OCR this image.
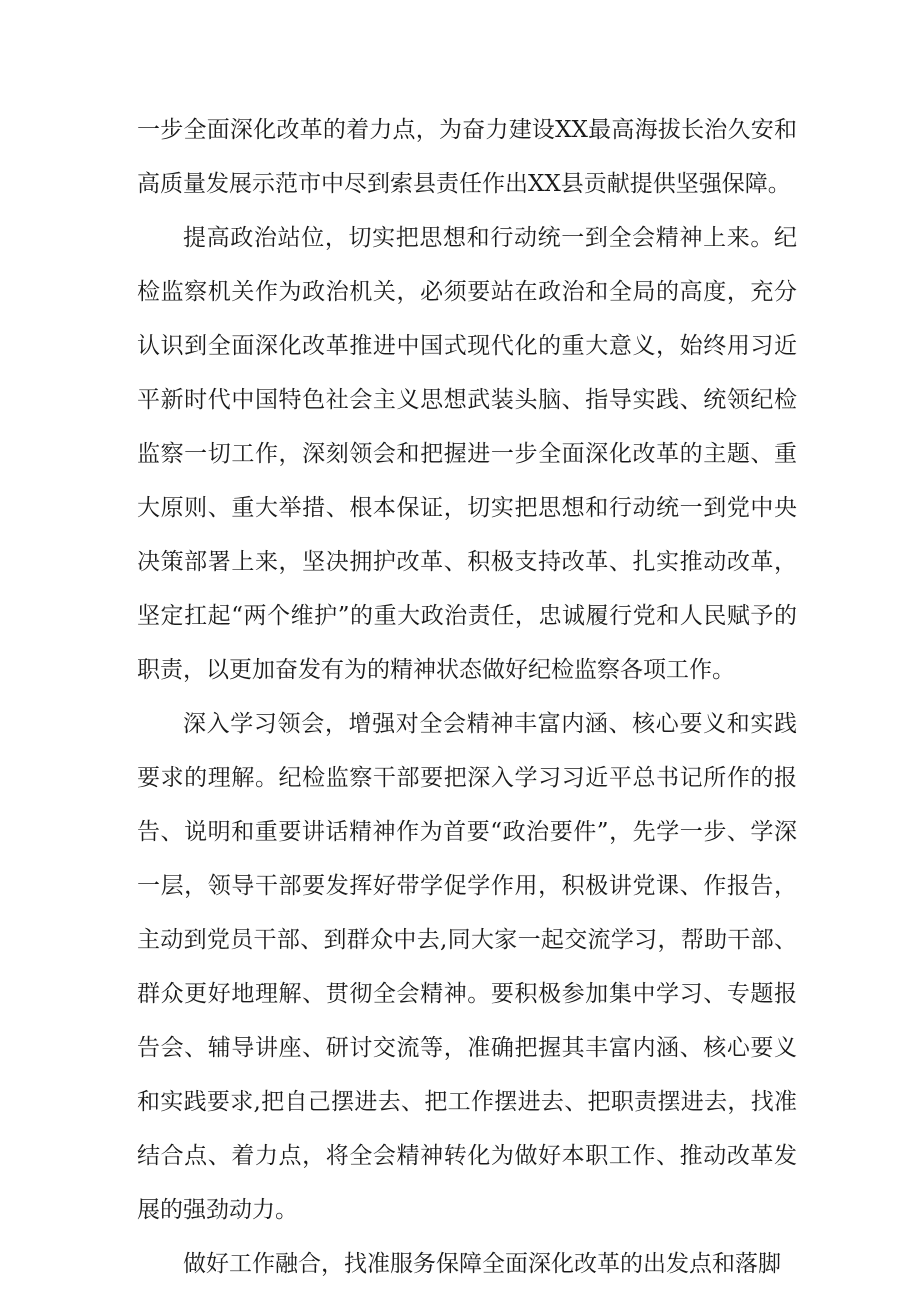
一步全面深化改革的着力点，为奋力建设XX最高海拔长治久安和高质量发展示范市中尽到索县责任作出XX县贡献提供坚强保障。

提高政治站位，切实把思想和行动统一到全会精神上来。纪检监察机关作为政治机关，必须要站在政治和全局的高度，充分认识到全面深化改革推进中国式现代化的重大意义，始终用习近平新时代中国特色社会主义思想武装头脑、指导实践、统领纪检监察一切工作，深刻领会和把握进一步全面深化改革的主题、重大原则、重大举措、根本保证，切实把思想和行动统一到党中央决策部署上来，坚决拥护改革、积极支持改革、扎实推动改革，坚定扛起“两个维护”的重大政治责任，忠诚履行党和人民赋予的职责，以更加奋发有为的精神状态做好纪检监察各项工作。

深入学习领会，增强对全会精神丰富内涵、核心要义和实践要求的理解。纪检监察干部要把深入学习习近平总书记所作的报告、说明和重要讲话精神作为首要“政治要件”，先学一步、学深一层，领导干部要发挥好带学促学作用，积极讲党课、作报告，主动到党员干部、到群众中去,同大家一起交流学习，帮助干部、群众更好地理解、贯彻全会精神。要积极参加集中学习、专题报告会、辅导讲座、研讨交流等，准确把握其丰富内涵、核心要义和实践要求,把自己摆进去、把工作摆进去、把职责摆进去，找准结合点、着力点，将全会精神转化为做好本职工作、推动改革发展的强劲动力。

做好工作融合，找准服务保障全面深化改革的出发点和落脚
